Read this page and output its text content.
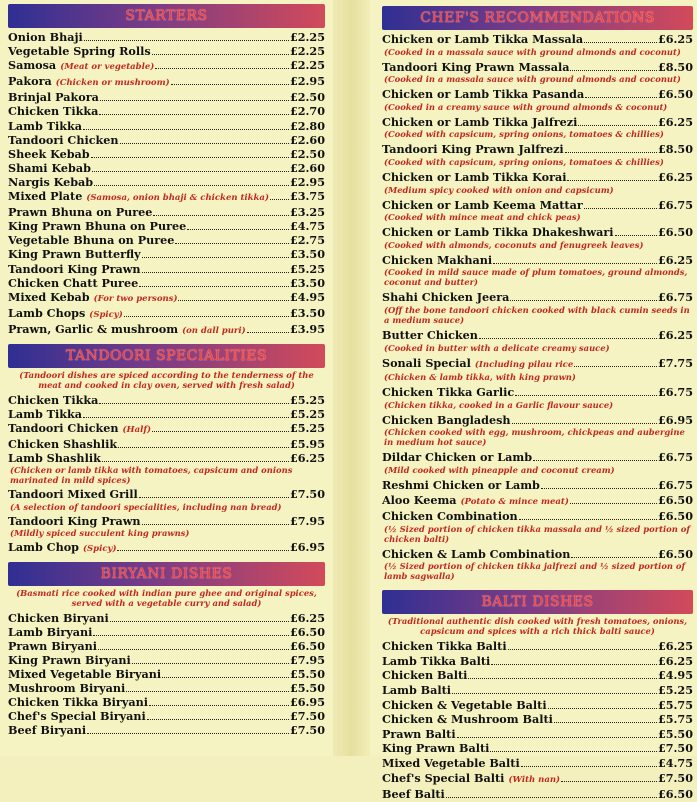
STARTERS
Onion Bhaji	£2.25
Vegetable Spring Rolls	£2.25
Samosa (Meat or vegetable)	£2.25
Pakora (Chicken or mushroom)	£2.95
Brinjal Pakora	£2.50
Chicken Tikka	£2.70
Lamb Tikka	£2.80
Tandoori Chicken	£2.60
Sheek Kebab	£2.50
Shami Kebab	£2.60
Nargis Kebab	£2.95
Mixed Plate (Samosa, onion bhaji & chicken tikka) £3.75
Prawn Bhuna on Puree	£3.25
King Prawn Bhuna on Puree	£4.75
Vegetable Bhuna on Puree	£2.75
King Prawn Butterfly	£3.50
Tandoori King Prawn	£5.25
Chicken Chatt Puree	£3.50
Mixed Kebab (For two persons)	£4.95
Lamb Chops (Spicy)	£3.50
Prawn, Garlic & mushroom (on dall puri)	£3.95
TANDOORI SPECIALITIES
(Tandoori dishes are spiced according to the tenderness of the meat and cooked in clay oven, served with fresh salad)
Chicken Tikka	£5.25
Lamb Tikka	£5.25
Tandoori Chicken (Half)	£5.25
Chicken Shashlik	£5.95
Lamb Shashlik	£6.25
(Chicken or lamb tikka with tomatoes, capsicum and onions marinated in mild spices)
Tandoori Mixed Grill	£7.50
(A selection of tandoori specialities, including nan bread)
Tandoori King Prawn	£7.95
(Mildly spiced succulent king prawns)
Lamb Chop (Spicy)	£6.95
BIRYANI DISHES
(Basmati rice cooked with indian pure ghee and original spices, served with a vegetable curry and salad)
Chicken Biryani	£6.25
Lamb Biryani	£6.50
Prawn Biryani	£6.50
King Prawn Biryani	£7.95
Mixed Vegetable Biryani	£5.50
Mushroom Biryani	£5.50
Chicken Tikka Biryani	£6.95
Chef's Special Biryani	£7.50
Beef Biryani	£7.50
CHEF'S RECOMMENDATIONS
Chicken or Lamb Tikka Massala	£6.25
(Cooked in a massala sauce with ground almonds and coconut)
Tandoori King Prawn Massala	£8.50
(Cooked in a massala sauce with ground almonds and coconut)
Chicken or Lamb Tikka Pasanda	£6.50
(Cooked in a creamy sauce with ground almonds & coconut)
Chicken or Lamb Tikka Jalfrezi	£6.25
(Cooked with capsicum, spring onions, tomatoes & chillies)
Tandoori King Prawn Jalfrezi	£8.50
(Cooked with capsicum, spring onions, tomatoes & chillies)
Chicken or Lamb Tikka Korai	£6.25
(Medium spicy cooked with onion and capsicum)
Chicken or Lamb Keema Mattar	£6.75
(Cooked with mince meat and chick peas)
Chicken or Lamb Tikka Dhakeshwari	£6.50
(Cooked with almonds, coconuts and fenugreek leaves)
Chicken Makhani	£6.25
(Cooked in mild sauce made of plum tomatoes, ground almonds, coconut and butter)
Shahi Chicken Jeera	£6.75
(Off the bone tandoori chicken cooked with black cumin seeds in a medium sauce)
Butter Chicken	£6.25
(Cooked in butter with a delicate creamy sauce)
Sonali Special (Including pilau rice	£7.75
(Chicken & lamb tikka, with king prawn)
Chicken Tikka Garlic	£6.75
(Chicken tikka, cooked in a Garlic flavour sauce)
Chicken Bangladesh	£6.95
(Chicken cooked with egg, mushroom, chickpeas and aubergine in medium hot sauce)
Dildar Chicken or Lamb	£6.75
(Mild cooked with pineapple and coconut cream)
Reshmi Chicken or Lamb	£6.75
Aloo Keema (Potato & mince meat)	£6.50
Chicken Combination	£6.50
(½ Sized portion of chicken tikka massala and ½ sized portion of chicken balti)
Chicken & Lamb Combination	£6.50
(½ Sized portion of chicken tikka jalfrezi and ½ sized portion of lamb sagwalla)
BALTI DISHES
(Traditional authentic dish cooked with fresh tomatoes, onions, capsicum and spices with a rich thick balti sauce)
Chicken Tikka Balti	£6.25
Lamb Tikka Balti	£6.25
Chicken Balti	£4.95
Lamb Balti	£5.25
Chicken & Vegetable Balti	£5.75
Chicken & Mushroom Balti	£5.75
Prawn Balti	£5.50
King Prawn Balti	£7.50
Mixed Vegetable Balti	£4.75
Chef's Special Balti (With nan)	£7.50
Beef Balti	£6.50
